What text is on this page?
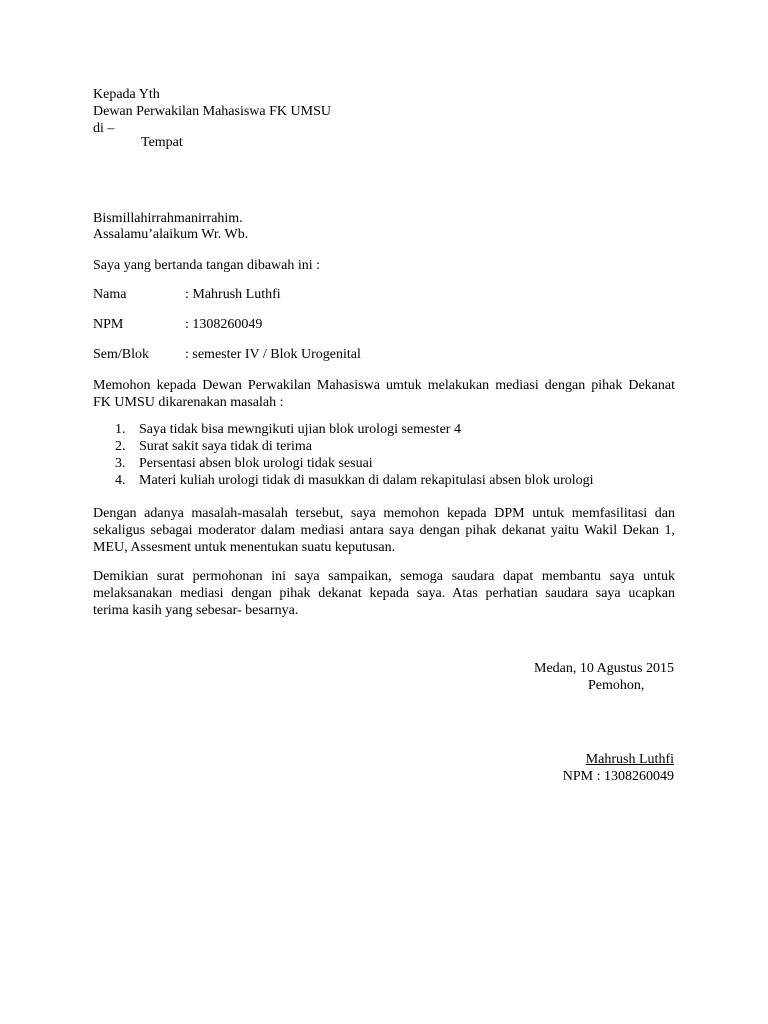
Kepada Yth
Dewan Perwakilan Mahasiswa FK UMSU
di –
Tempat
Bismillahirrahmanirrahim.
Assalamu’alaikum Wr. Wb.
Saya yang bertanda tangan dibawah ini :
Nama	: Mahrush Luthfi
NPM	: 1308260049
Sem/Blok	: semester IV / Blok Urogenital
Memohon kepada Dewan Perwakilan Mahasiswa umtuk melakukan mediasi dengan pihak Dekanat
FK UMSU dikarenakan masalah :
1. Saya tidak bisa mewngikuti ujian blok urologi semester 4
2. Surat sakit saya tidak di terima
3. Persentasi absen blok urologi tidak sesuai
4. Materi kuliah urologi tidak di masukkan di dalam rekapitulasi absen blok urologi
Dengan adanya masalah-masalah tersebut, saya memohon kepada DPM untuk memfasilitasi dan
sekaligus sebagai moderator dalam mediasi antara saya dengan pihak dekanat yaitu Wakil Dekan 1,
MEU, Assesment untuk menentukan suatu keputusan.
Demikian surat permohonan ini saya sampaikan, semoga saudara dapat membantu saya untuk
melaksanakan mediasi dengan pihak dekanat kepada saya. Atas perhatian saudara saya ucapkan
terima kasih yang sebesar- besarnya.
Medan, 10 Agustus 2015
Pemohon,
Mahrush Luthfi
NPM : 1308260049
